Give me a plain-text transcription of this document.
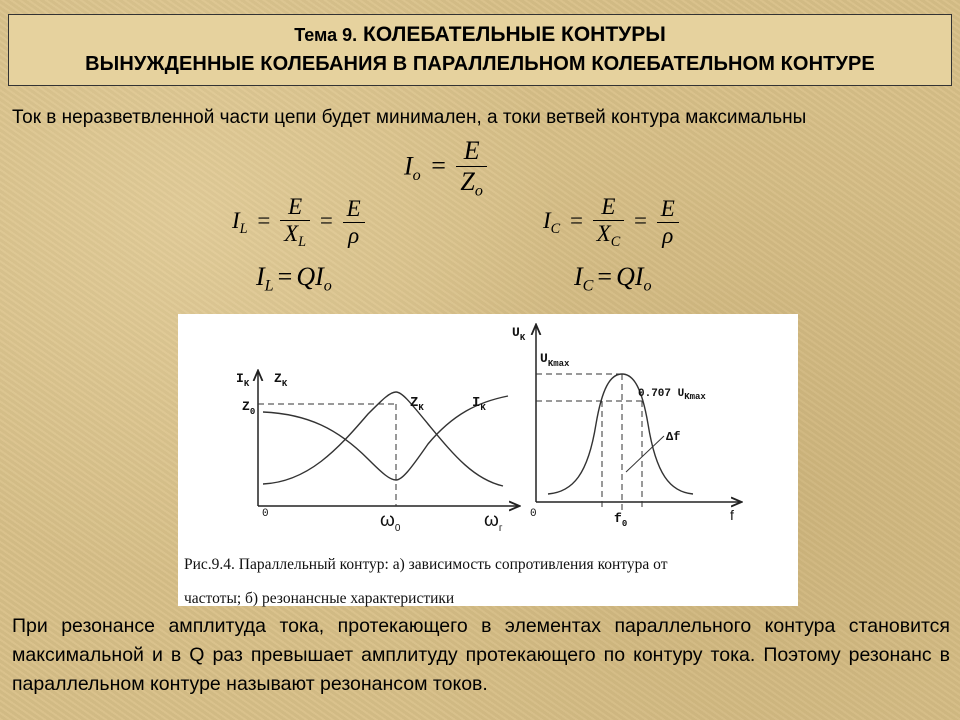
Тема 9. КОЛЕБАТЕЛЬНЫЕ КОНТУРЫ
ВЫНУЖДЕННЫЕ КОЛЕБАНИЯ В ПАРАЛЛЕЛЬНОМ КОЛЕБАТЕЛЬНОМ КОНТУРЕ
Ток в неразветвленной части цепи будет минимален, а токи ветвей контура максимальны
$I_o = \frac{E}{Z_o}$
$I_L = \frac{E}{X_L} = \frac{E}{\rho}$	$I_C = \frac{E}{X_C} = \frac{E}{\rho}$
$I_L = QI_o$	$I_C = QI_o$
$I_K$ $Z_K$
$Z_0$
$Z_K$	$I_K$
0	$\omega_0$	$\omega_г$
$U_K$
$U_{Kmax}$
0.707 $U_{Kmax}$
Δf
0	$f_0$
f
Рис.9.4. Параллельный контур: а) зависимость сопротивления контура от
частоты; б) резонансные характеристики
При резонансе амплитуда тока, протекающего в элементах параллельного контура становится максимальной и в Q раз превышает амплитуду протекающего по контуру тока. Поэтому резонанс в параллельном контуре называют резонансом токов.
